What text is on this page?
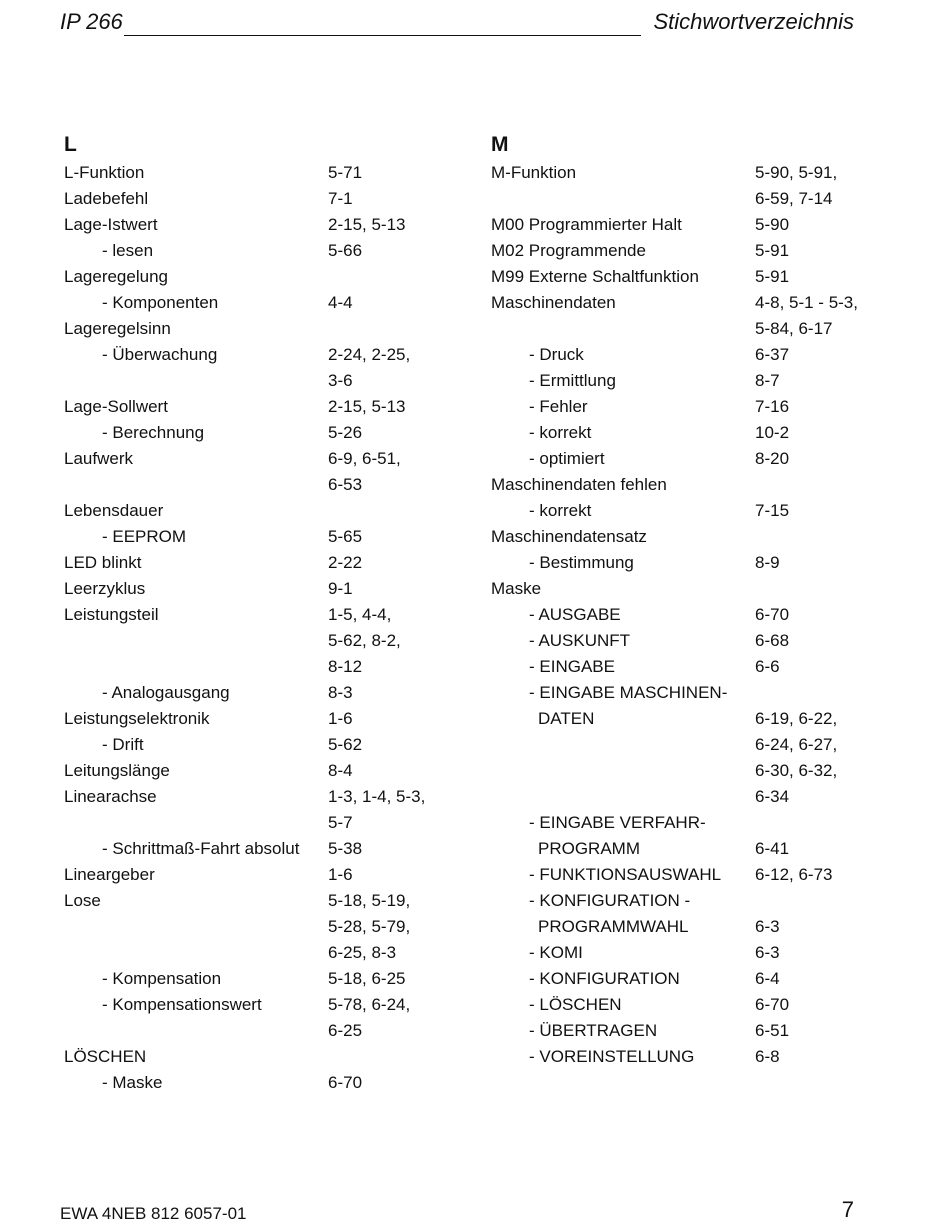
IP 266	Stichwortverzeichnis
L
L-Funktion	5-71
Ladebefehl	7-1
Lage-Istwert	2-15, 5-13
- lesen	5-66
Lageregelung
- Komponenten	4-4
Lageregelsinn
- Überwachung	2-24, 2-25,
3-6
Lage-Sollwert	2-15, 5-13
- Berechnung	5-26
Laufwerk	6-9, 6-51,
6-53
Lebensdauer
- EEPROM	5-65
LED blinkt	2-22
Leerzyklus	9-1
Leistungsteil	1-5, 4-4,
5-62, 8-2,
8-12
- Analogausgang	8-3
Leistungselektronik	1-6
- Drift	5-62
Leitungslänge	8-4
Linearachse	1-3, 1-4, 5-3,
5-7
- Schrittmaß-Fahrt absolut	5-38
Lineargeber	1-6
Lose	5-18, 5-19,
5-28, 5-79,
6-25, 8-3
- Kompensation	5-18, 6-25
- Kompensationswert	5-78, 6-24,
6-25
LÖSCHEN
- Maske	6-70
M
M-Funktion	5-90, 5-91,
6-59, 7-14
M00 Programmierter Halt	5-90
M02 Programmende	5-91
M99 Externe Schaltfunktion	5-91
Maschinendaten	4-8, 5-1 - 5-3,
5-84, 6-17
- Druck	6-37
- Ermittlung	8-7
- Fehler	7-16
- korrekt	10-2
- optimiert	8-20
Maschinendaten fehlen
- korrekt	7-15
Maschinendatensatz
- Bestimmung	8-9
Maske
- AUSGABE	6-70
- AUSKUNFT	6-68
- EINGABE	6-6
- EINGABE MASCHINEN-
DATEN	6-19, 6-22,
6-24, 6-27,
6-30, 6-32,
6-34
- EINGABE VERFAHR-
PROGRAMM	6-41
- FUNKTIONSAUSWAHL	6-12, 6-73
- KONFIGURATION -
PROGRAMMWAHL	6-3
- KOMI	6-3
- KONFIGURATION	6-4
- LÖSCHEN	6-70
- ÜBERTRAGEN	6-51
- VOREINSTELLUNG	6-8
EWA 4NEB 812 6057-01	7
